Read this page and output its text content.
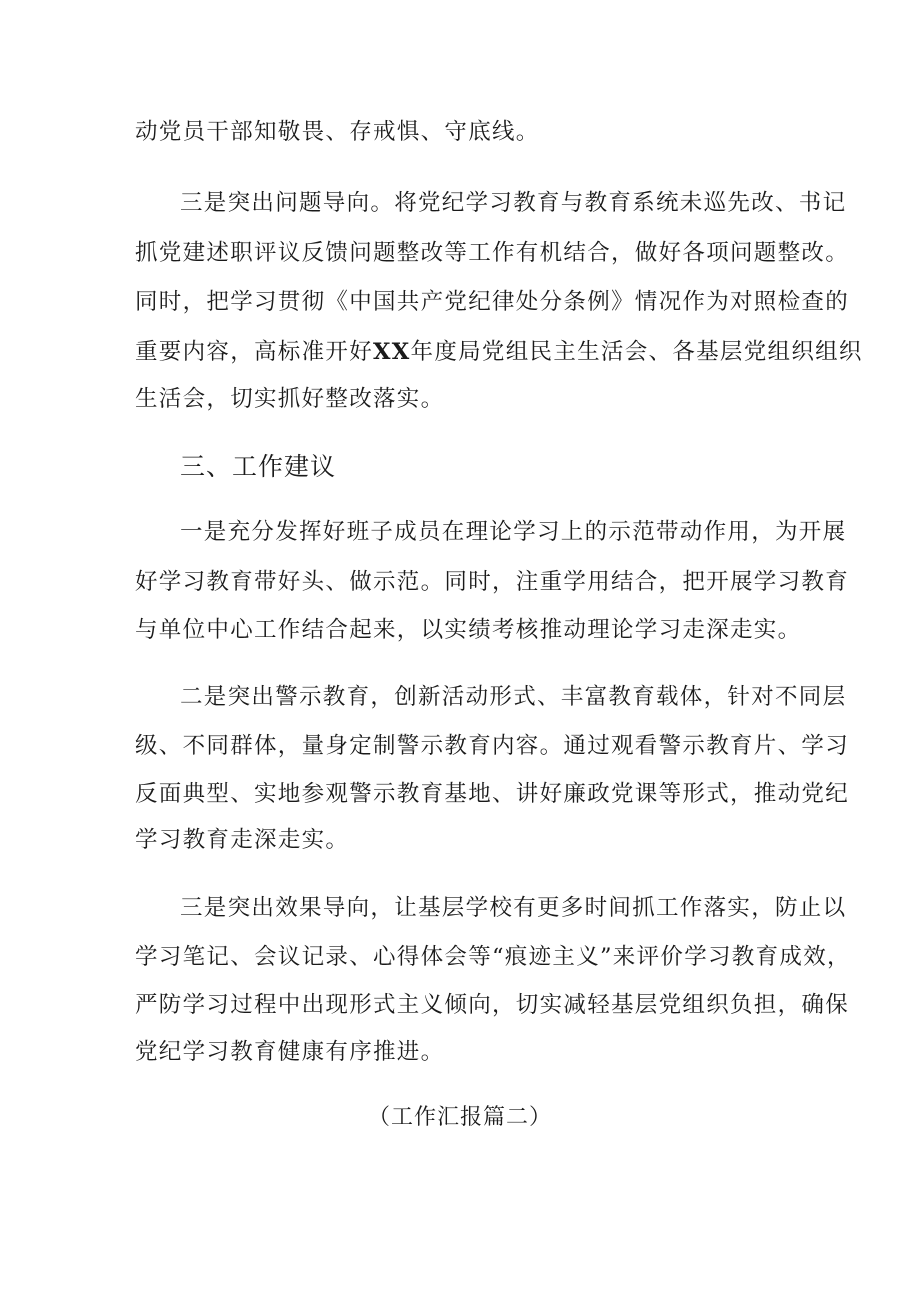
动党员干部知敬畏、存戒惧、守底线。
三是突出问题导向。将党纪学习教育与教育系统未巡先改、书记
抓党建述职评议反馈问题整改等工作有机结合，做好各项问题整改。
同时，把学习贯彻《中国共产党纪律处分条例》情况作为对照检查的
重要内容，高标准开好XX年度局党组民主生活会、各基层党组织组织
生活会，切实抓好整改落实。
三、工作建议
一是充分发挥好班子成员在理论学习上的示范带动作用，为开展
好学习教育带好头、做示范。同时，注重学用结合，把开展学习教育
与单位中心工作结合起来，以实绩考核推动理论学习走深走实。
二是突出警示教育，创新活动形式、丰富教育载体，针对不同层
级、不同群体，量身定制警示教育内容。通过观看警示教育片、学习
反面典型、实地参观警示教育基地、讲好廉政党课等形式，推动党纪
学习教育走深走实。
三是突出效果导向，让基层学校有更多时间抓工作落实，防止以
学习笔记、会议记录、心得体会等“痕迹主义”来评价学习教育成效，
严防学习过程中出现形式主义倾向，切实减轻基层党组织负担，确保
党纪学习教育健康有序推进。
（工作汇报篇二）
